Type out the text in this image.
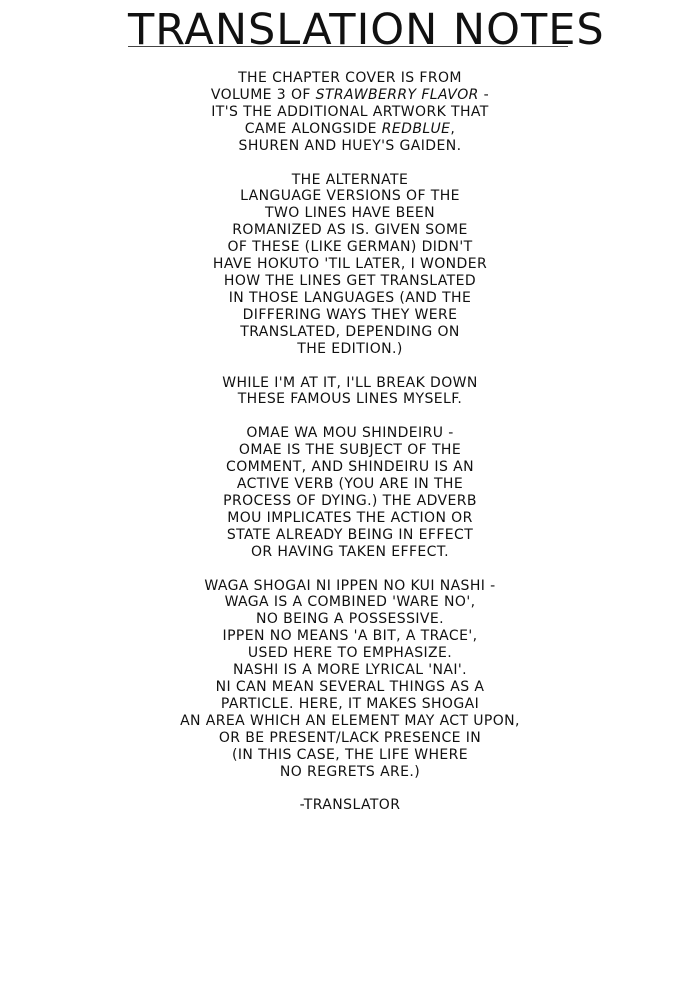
TRANSLATION NOTES
THE CHAPTER COVER IS FROM
VOLUME 3 OF STRAWBERRY FLAVOR -
IT'S THE ADDITIONAL ARTWORK THAT
CAME ALONGSIDE REDBLUE,
SHUREN AND HUEY'S GAIDEN.
THE ALTERNATE
LANGUAGE VERSIONS OF THE
TWO LINES HAVE BEEN
ROMANIZED AS IS. GIVEN SOME
OF THESE (LIKE GERMAN) DIDN'T
HAVE HOKUTO 'TIL LATER, I WONDER
HOW THE LINES GET TRANSLATED
IN THOSE LANGUAGES (AND THE
DIFFERING WAYS THEY WERE
TRANSLATED, DEPENDING ON
THE EDITION.)
WHILE I'M AT IT, I'LL BREAK DOWN
THESE FAMOUS LINES MYSELF.
OMAE WA MOU SHINDEIRU -
OMAE IS THE SUBJECT OF THE
COMMENT, AND SHINDEIRU IS AN
ACTIVE VERB (YOU ARE IN THE
PROCESS OF DYING.) THE ADVERB
MOU IMPLICATES THE ACTION OR
STATE ALREADY BEING IN EFFECT
OR HAVING TAKEN EFFECT.
WAGA SHOGAI NI IPPEN NO KUI NASHI -
WAGA IS A COMBINED 'WARE NO',
NO BEING A POSSESSIVE.
IPPEN NO MEANS 'A BIT, A TRACE',
USED HERE TO EMPHASIZE.
NASHI IS A MORE LYRICAL 'NAI'.
NI CAN MEAN SEVERAL THINGS AS A
PARTICLE. HERE, IT MAKES SHOGAI
AN AREA WHICH AN ELEMENT MAY ACT UPON,
OR BE PRESENT/LACK PRESENCE IN
(IN THIS CASE, THE LIFE WHERE
NO REGRETS ARE.)
-TRANSLATOR
